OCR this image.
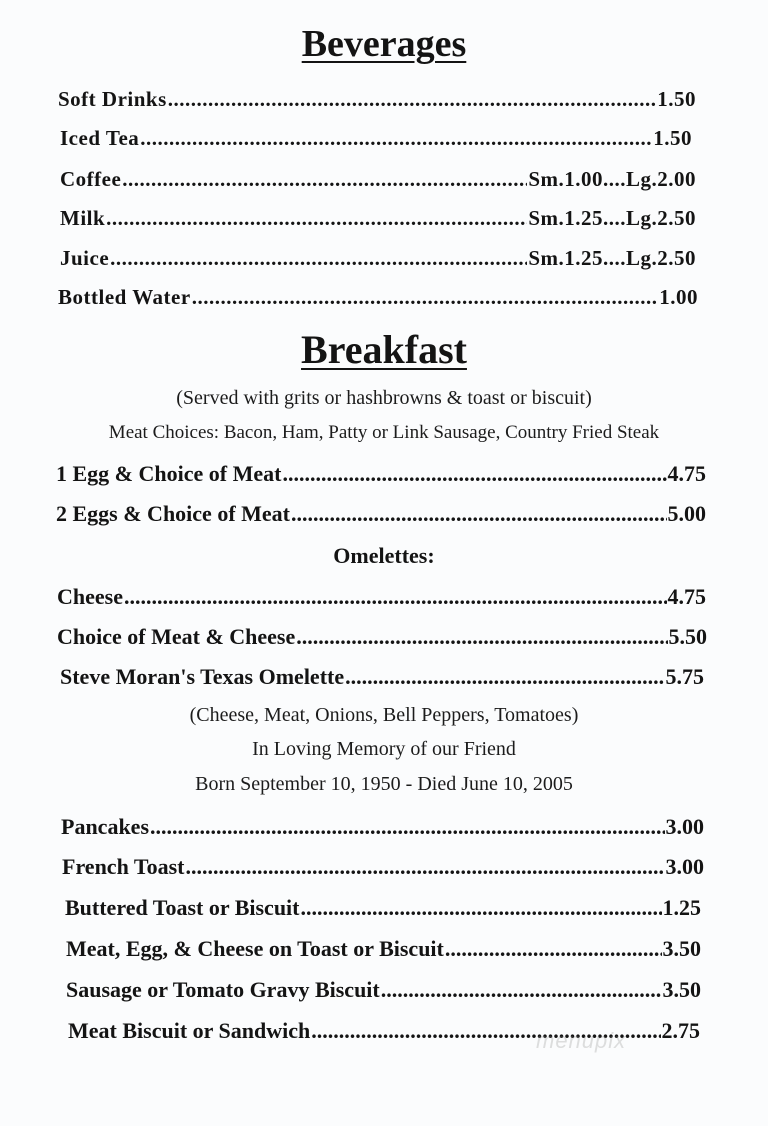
Beverages
Soft Drinks .....	1.50
Iced Tea .....	1.50
Coffee .....	Sm.1.00....Lg.2.00
Milk .....	Sm.1.25....Lg.2.50
Juice .....	Sm.1.25....Lg.2.50
Bottled Water .....	1.00
Breakfast
(Served with grits or hashbrowns & toast or biscuit)
Meat Choices: Bacon, Ham, Patty or Link Sausage, Country Fried Steak
1 Egg & Choice of Meat .....	4.75
2 Eggs & Choice of Meat .....	5.00
Omelettes:
Cheese .....	4.75
Choice of Meat & Cheese .....	5.50
Steve Moran's Texas Omelette .....	5.75
(Cheese, Meat, Onions, Bell Peppers, Tomatoes)
In Loving Memory of our Friend
Born September 10, 1950 - Died June 10, 2005
Pancakes .....	3.00
French Toast .....	3.00
Buttered Toast or Biscuit .....	1.25
Meat, Egg, & Cheese on Toast or Biscuit .....	3.50
Sausage or Tomato Gravy Biscuit .....	3.50
Meat Biscuit or Sandwich .....	2.75
menupix
